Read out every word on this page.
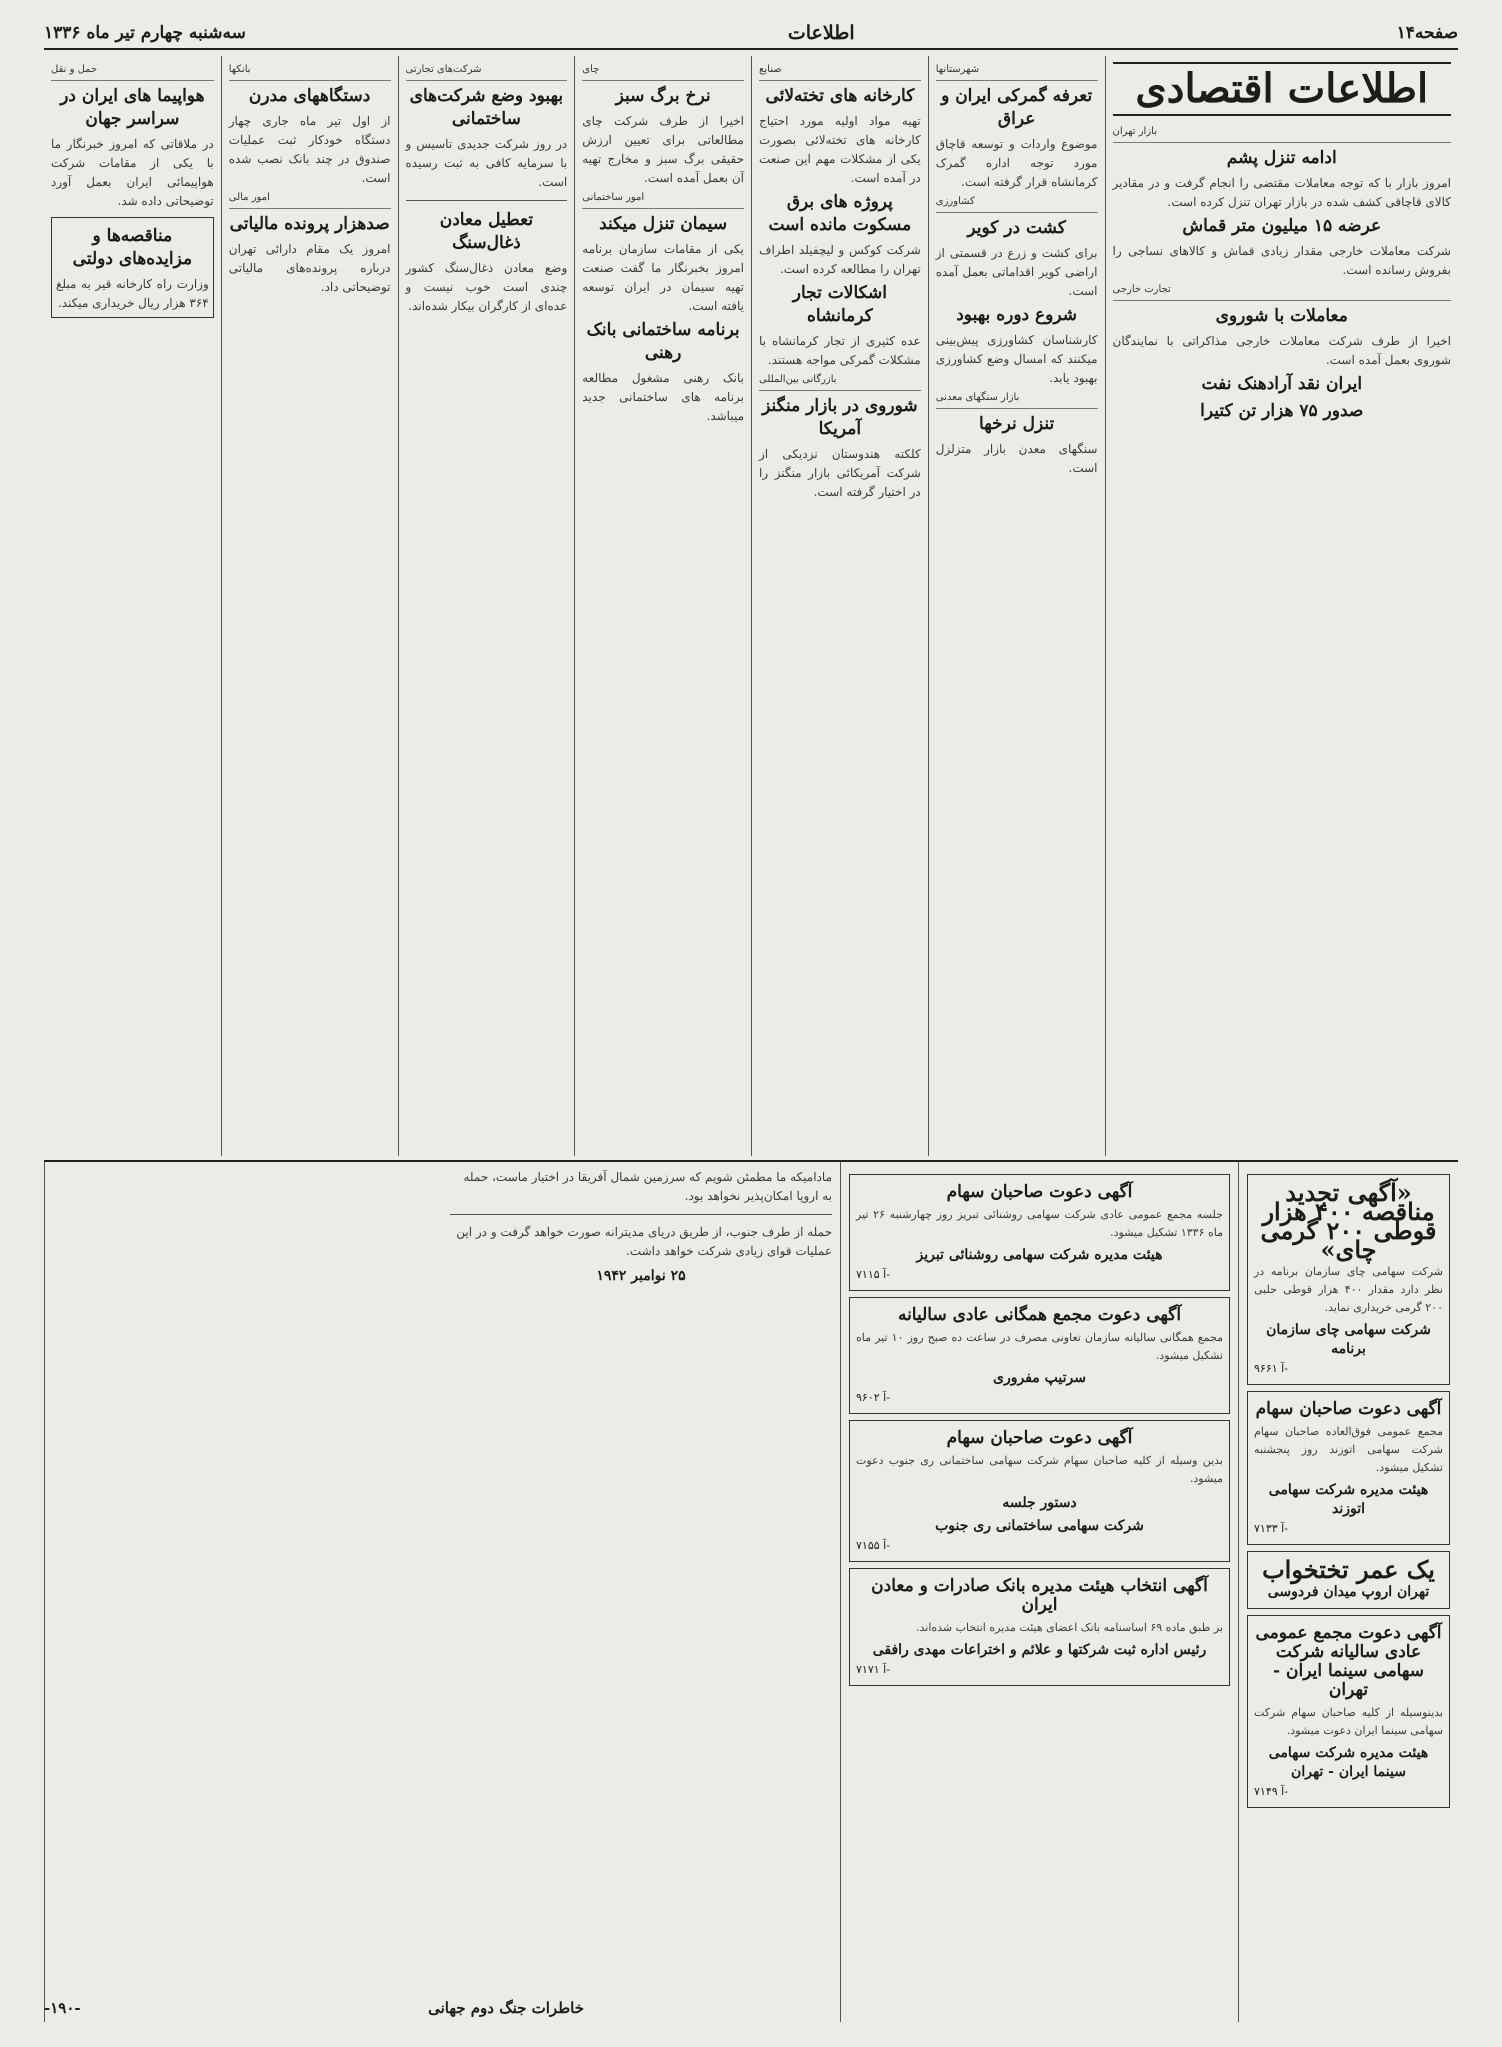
صفحه۱۴
اطلاعات
سه‌شنبه چهارم تیر ماه ۱۳۳۶
اطلاعات اقتصادی
بازار تهران
ادامه تنزل پشم
امروز بازار با که توجه معاملات مقتضی را انجام گرفت و در مقادیر کالای قاچاقی کشف شده در بازار تهران تنزل کرده است.
عرضه ۱۵ میلیون متر قماش
شرکت معاملات خارجی مقدار زیادی قماش و کالاهای نساجی را بفروش رسانده است.
تجارت خارجی
معاملات با شوروی
اخیرا از طرف شرکت معاملات خارجی مذاکراتی با نمایندگان شوروی بعمل آمده است.
ایران نقد آرادهنک نفت
صدور ۷۵ هزار تن کتیرا
شهرستانها
تعرفه گمرکی ایران و عراق
موضوع واردات و توسعه قاچاق مورد توجه اداره گمرک کرمانشاه قرار گرفته است.
کشاورزی
کشت در کویر
برای کشت و زرع در قسمتی از اراضی کویر اقداماتی بعمل آمده است.
شروع دوره بهبود
کارشناسان کشاورزی پیش‌بینی میکنند که امسال وضع کشاورزی بهبود یابد.
بازار سنگهای معدنی
تنزل نرخها
سنگهای معدن بازار متزلزل است.
صنایع
کارخانه های تخته‌لائی
تهیه مواد اولیه مورد احتیاج کارخانه های تخته‌لائی بصورت یکی از مشکلات مهم این صنعت در آمده است.
پروژه های برق مسکوت مانده است
شرکت کوکس و لیچفیلد اطراف تهران را مطالعه کرده است.
اشکالات تجار کرمانشاه
عده کثیری از تجار کرمانشاه با مشکلات گمرکی مواجه هستند.
بازرگانی بین‌المللی
شوروی در بازار منگنز آمریکا
کلکته هندوستان نزدیکی از شرکت آمریکائی بازار منگنز را در اختیار گرفته است.
چای
نرخ برگ سبز
اخیرا از طرف شرکت چای مطالعاتی برای تعیین ارزش حقیقی برگ سبز و مخارج تهیه آن بعمل آمده است.
امور ساختمانی
سیمان تنزل میکند
یکی از مقامات سازمان برنامه امروز بخبرنگار ما گفت صنعت تهیه سیمان در ایران توسعه یافته است.
برنامه ساختمانی بانک رهنی
بانک رهنی مشغول مطالعه برنامه های ساختمانی جدید میباشد.
شرکت‌های تجارتی
بهبود وضع شرکت‌های ساختمانی
در روز شرکت جدیدی تاسیس و با سرمایه کافی به ثبت رسیده است.
تعطیل معادن ذغال‌سنگ
وضع معادن ذغال‌سنگ کشور چندی است خوب نیست و عده‌ای از کارگران بیکار شده‌اند.
بانکها
دستگاههای مدرن
از اول تیر ماه جاری چهار دستگاه خودکار ثبت عملیات صندوق در چند بانک نصب شده است.
امور مالی
صدهزار پرونده مالیاتی
امروز یک مقام دارائی تهران درباره پرونده‌های مالیاتی توضیحاتی داد.
حمل و نقل
هواپیما های ایران در سراسر جهان
در ملاقاتی که امروز خبرنگار ما با یکی از مقامات شرکت هواپیمائی ایران بعمل آورد توضیحاتی داده شد.
مناقصه‌ها و مزایده‌های دولتی
وزارت راه کارخانه قیر به مبلغ ۳۶۴ هزار ریال خریداری میکند.
«آگهی تجدید مناقصه ۴۰۰ هزار قوطی ۲۰۰ گرمی چای»
شرکت سهامی چای سازمان برنامه در نظر دارد مقدار ۴۰۰ هزار قوطی حلبی ۲۰۰ گرمی خریداری نماید.
شرکت سهامی چای سازمان برنامه
۹۶۶۱ آ-
آگهی دعوت صاحبان سهام
مجمع عمومی فوق‌العاده صاحبان سهام شرکت سهامی اتوزند روز پنجشنبه تشکیل میشود.
هیئت مدیره شرکت سهامی اتوزند
۷۱۳۳ آ-
یک عمر تختخواب
تهران اروپ میدان فردوسی
آگهی دعوت مجمع عمومی عادی سالیانه شرکت سهامی سینما ایران - تهران
بدینوسیله از کلیه صاحبان سهام شرکت سهامی سینما ایران دعوت میشود.
هیئت مدیره شرکت سهامی سینما ایران - تهران
۷۱۴۹ آ-
آگهی دعوت صاحبان سهام
جلسه مجمع عمومی عادی شرکت سهامی روشنائی تبریز روز چهارشنبه ۲۶ تیر ماه ۱۳۳۶ تشکیل میشود.
هیئت مدیره شرکت سهامی روشنائی تبریز
۷۱۱۵ آ-
آگهی دعوت مجمع همگانی عادی سالیانه
مجمع همگانی سالیانه سازمان تعاونی مصرف در ساعت ده صبح روز ۱۰ تیر ماه تشکیل میشود.
سرتیپ مفروری
۹۶۰۲ آ-
آگهی دعوت صاحبان سهام
بدین وسیله از کلیه صاحبان سهام شرکت سهامی ساختمانی ری جنوب دعوت میشود.
دستور جلسه
شرکت سهامی ساختمانی ری جنوب
۷۱۵۵ آ-
آگهی انتخاب هیئت مدیره بانک صادرات و معادن ایران
بر طبق ماده ۶۹ اساسنامه بانک اعضای هیئت مدیره انتخاب شده‌اند.
رئیس اداره ثبت شرکتها و علائم و اختراعات مهدی رافقی
۷۱۷۱ آ-
مادامیکه ما مطمئن شویم که سرزمین شمال آفریقا در اختیار ماست، حمله به اروپا امکان‌پذیر نخواهد بود.
حمله از طرف جنوب، از طریق دریای مدیترانه صورت خواهد گرفت و در این عملیات قوای زیادی شرکت خواهد داشت.
۲۵ نوامبر ۱۹۴۲
خاطرات جنگ دوم جهانی
-۱۹۰-
